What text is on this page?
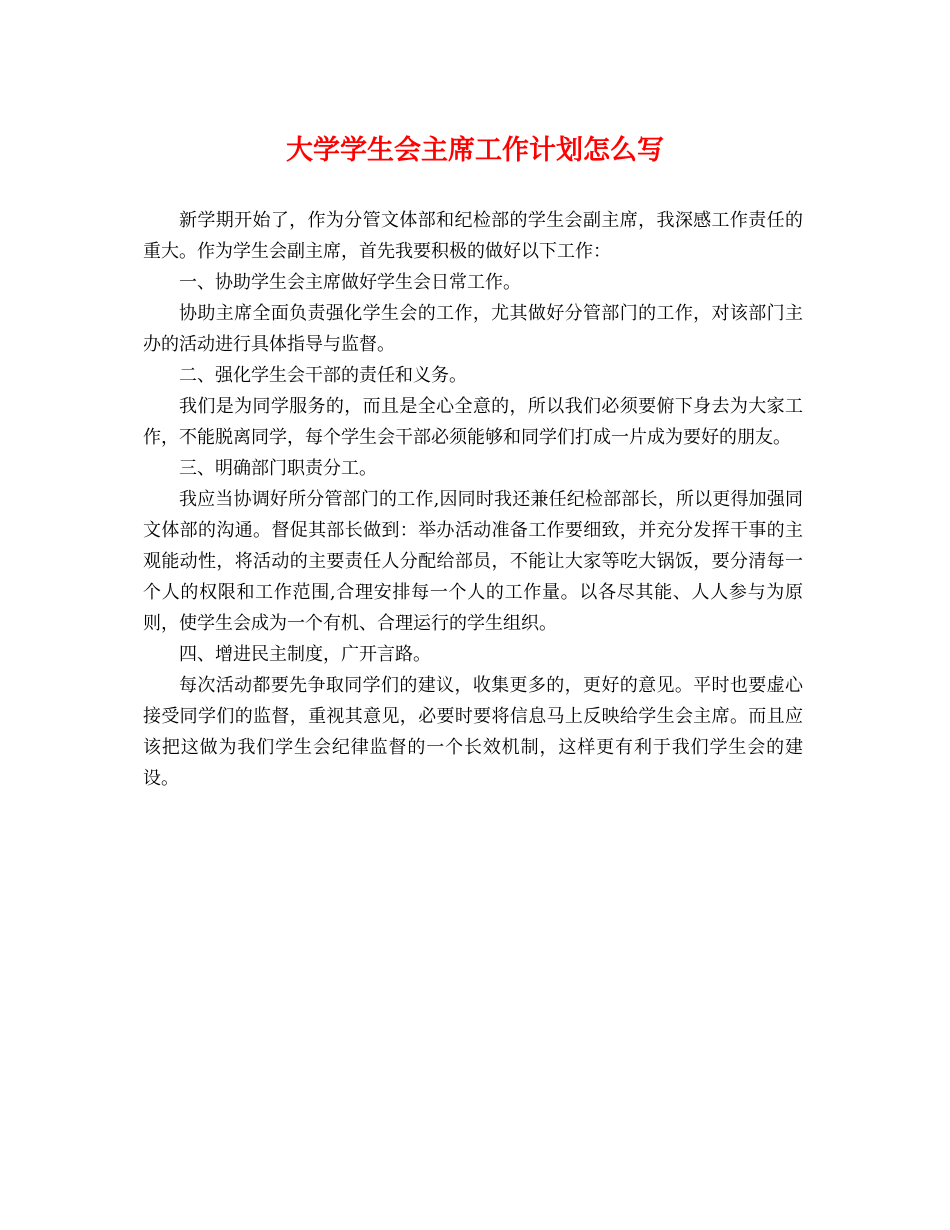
大学学生会主席工作计划怎么写

新学期开始了，作为分管文体部和纪检部的学生会副主席，我深感工作责任的重大。作为学生会副主席，首先我要积极的做好以下工作：

一、协助学生会主席做好学生会日常工作。

协助主席全面负责强化学生会的工作，尤其做好分管部门的工作，对该部门主办的活动进行具体指导与监督。

二、强化学生会干部的责任和义务。

我们是为同学服务的，而且是全心全意的，所以我们必须要俯下身去为大家工作，不能脱离同学，每个学生会干部必须能够和同学们打成一片成为要好的朋友。

三、明确部门职责分工。

我应当协调好所分管部门的工作,因同时我还兼任纪检部部长，所以更得加强同文体部的沟通。督促其部长做到：举办活动准备工作要细致，并充分发挥干事的主观能动性，将活动的主要责任人分配给部员，不能让大家等吃大锅饭，要分清每一个人的权限和工作范围,合理安排每一个人的工作量。以各尽其能、人人参与为原则，使学生会成为一个有机、合理运行的学生组织。

四、增进民主制度，广开言路。

每次活动都要先争取同学们的建议，收集更多的，更好的意见。平时也要虚心接受同学们的监督，重视其意见，必要时要将信息马上反映给学生会主席。而且应该把这做为我们学生会纪律监督的一个长效机制，这样更有利于我们学生会的建设。
